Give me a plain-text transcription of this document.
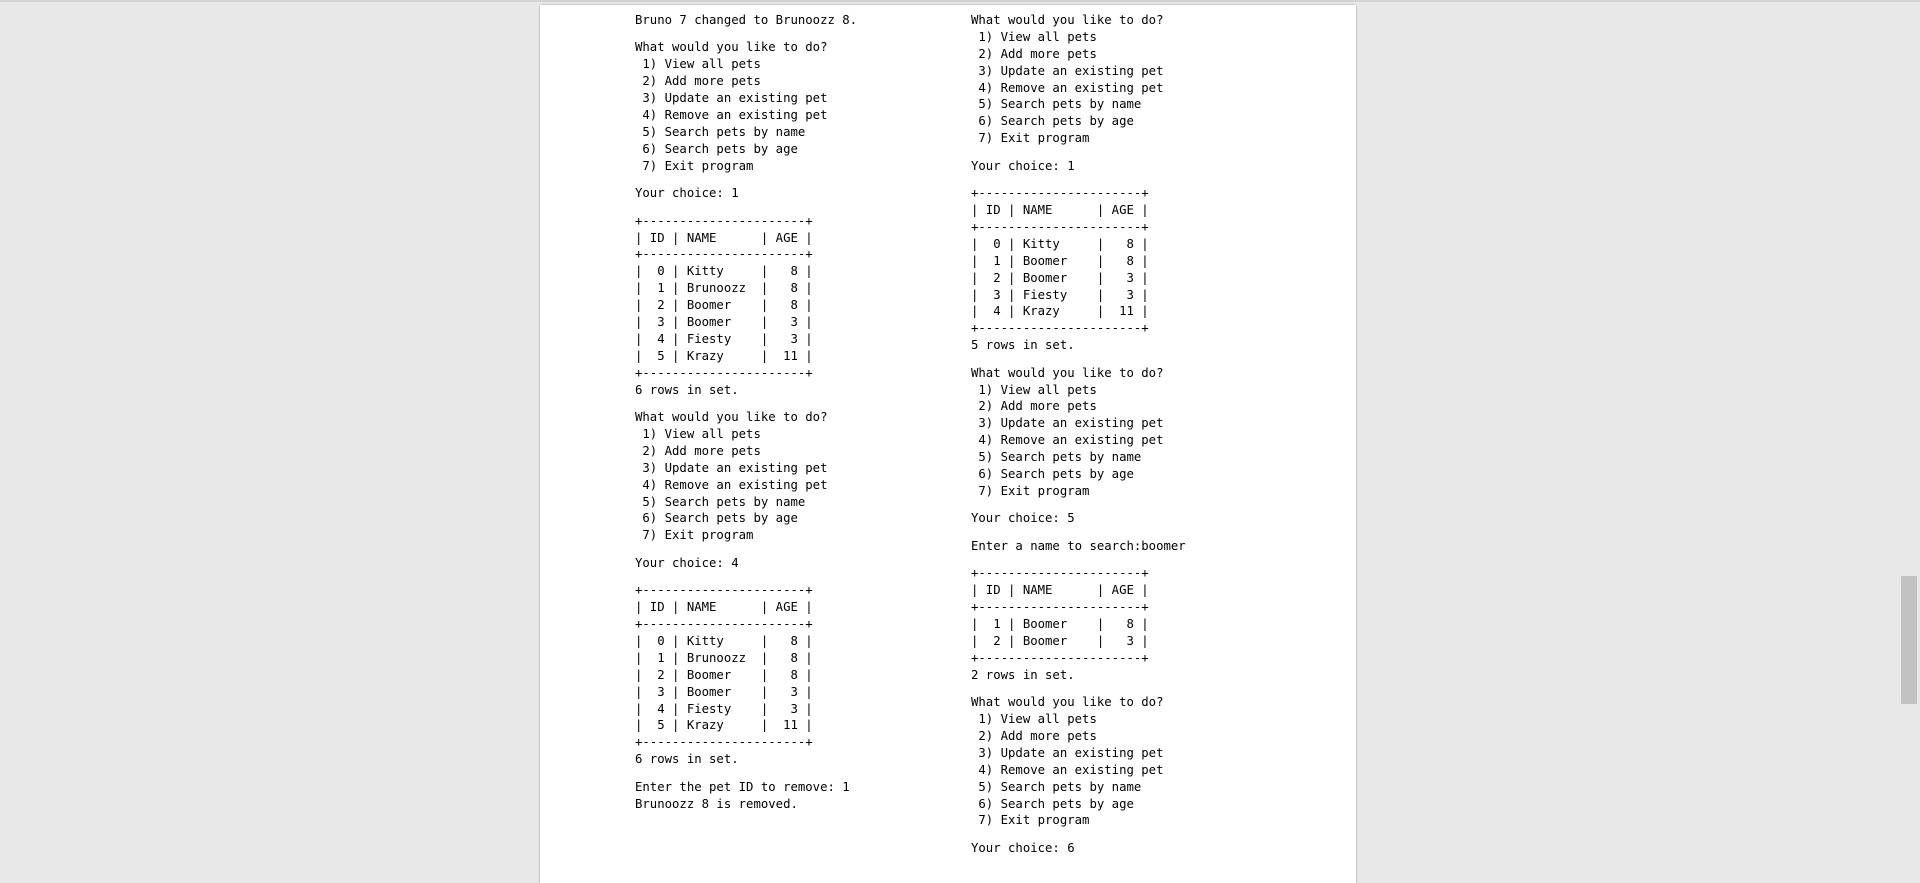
Bruno 7 changed to Brunoozz 8.
What would you like to do?
1) View all pets
2) Add more pets
3) Update an existing pet
4) Remove an existing pet
5) Search pets by name
6) Search pets by age
7) Exit program
Your choice: 1
+----------------------+
| ID | NAME      | AGE |
+----------------------+
|  0 | Kitty     |   8 |
|  1 | Brunoozz  |   8 |
|  2 | Boomer    |   8 |
|  3 | Boomer    |   3 |
|  4 | Fiesty    |   3 |
|  5 | Krazy     |  11 |
+----------------------+
6 rows in set.
What would you like to do?
1) View all pets
2) Add more pets
3) Update an existing pet
4) Remove an existing pet
5) Search pets by name
6) Search pets by age
7) Exit program
Your choice: 4
+----------------------+
| ID | NAME      | AGE |
+----------------------+
|  0 | Kitty     |   8 |
|  1 | Brunoozz  |   8 |
|  2 | Boomer    |   8 |
|  3 | Boomer    |   3 |
|  4 | Fiesty    |   3 |
|  5 | Krazy     |  11 |
+----------------------+
6 rows in set.
Enter the pet ID to remove: 1
Brunoozz 8 is removed.
What would you like to do?
1) View all pets
2) Add more pets
3) Update an existing pet
4) Remove an existing pet
5) Search pets by name
6) Search pets by age
7) Exit program
Your choice: 1
+----------------------+
| ID | NAME      | AGE |
+----------------------+
|  0 | Kitty     |   8 |
|  1 | Boomer    |   8 |
|  2 | Boomer    |   3 |
|  3 | Fiesty    |   3 |
|  4 | Krazy     |  11 |
+----------------------+
5 rows in set.
What would you like to do?
1) View all pets
2) Add more pets
3) Update an existing pet
4) Remove an existing pet
5) Search pets by name
6) Search pets by age
7) Exit program
Your choice: 5
Enter a name to search:boomer
+----------------------+
| ID | NAME      | AGE |
+----------------------+
|  1 | Boomer    |   8 |
|  2 | Boomer    |   3 |
+----------------------+
2 rows in set.
What would you like to do?
1) View all pets
2) Add more pets
3) Update an existing pet
4) Remove an existing pet
5) Search pets by name
6) Search pets by age
7) Exit program
Your choice: 6
